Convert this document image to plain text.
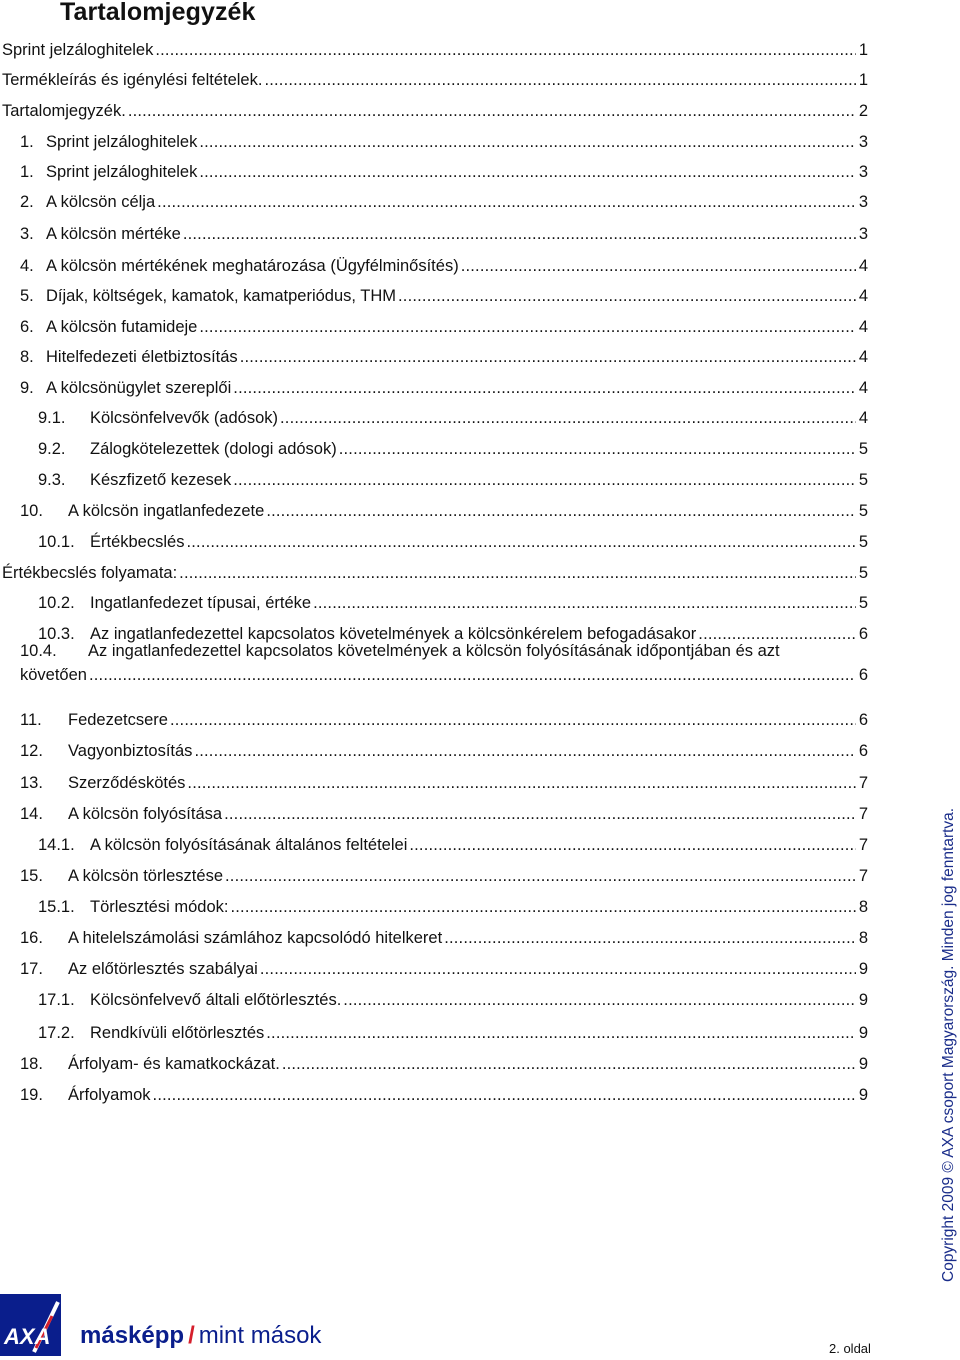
Tartalomjegyzék
Sprint jelzáloghitelek .....	1
Termékleírás és igénylési feltételek. .....	1
Tartalomjegyzék. .....	2
1. Sprint jelzáloghitelek .....	3
1. Sprint jelzáloghitelek .....	3
2. A kölcsön célja .....	3
3. A kölcsön mértéke .....	3
4. A kölcsön mértékének meghatározása (Ügyfélminősítés) .....	4
5. Díjak, költségek, kamatok, kamatperiódus, THM .....	4
6. A kölcsön futamideje .....	4
8. Hitelfedezeti életbiztosítás .....	4
9. A kölcsönügylet szereplői .....	4
9.1.	Kölcsönfelvevők (adósok) .....	4
9.2.	Zálogkötelezettek (dologi adósok) .....	5
9.3.	Készfizető kezesek .....	5
10.	A kölcsön ingatlanfedezete .....	5
10.1. Értékbecslés .....	5
Értékbecslés folyamata: .....	5
10.2. Ingatlanfedezet típusai, értéke .....	5
10.3. Az ingatlanfedezettel kapcsolatos követelmények a kölcsönkérelem befogadásakor .....	6
10.4. Az ingatlanfedezettel kapcsolatos követelmények a kölcsön folyósításának időpontjában és azt
követően .....	6
11.	Fedezetcsere .....	6
12.	Vagyonbiztosítás .....	6
13.	Szerződéskötés .....	7
14.	A kölcsön folyósítása .....	7
14.1. A kölcsön folyósításának általános feltételei .....	7
15.	A kölcsön törlesztése .....	7
15.1. Törlesztési módok: .....	8
16.	A hitelelszámolási számlához kapcsolódó hitelkeret .....	8
17.	Az előtörlesztés szabályai .....	9
17.1. Kölcsönfelvevő általi előtörlesztés. .....	9
17.2. Rendkívüli előtörlesztés .....	9
18.	Árfolyam- és kamatkockázat. .....	9
19.	Árfolyamok .....	9	Copyright 2009 © AXA csoport Magyarország. Minden jog fenntartva.
AXA másképp / mint mások	2. oldal
